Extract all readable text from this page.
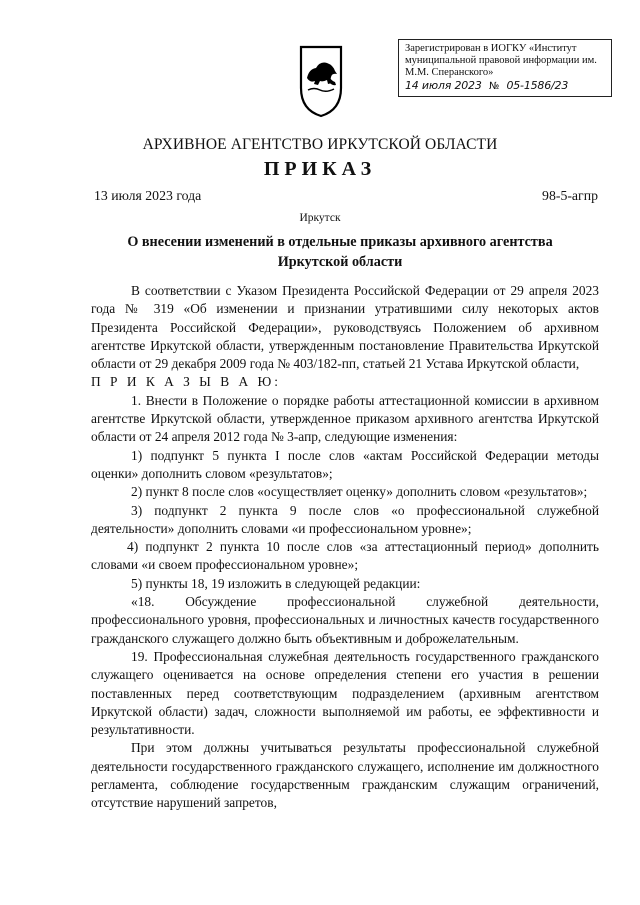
Зарегистрирован в ИОГКУ «Институт
муниципальной правовой информации им.
М.М. Сперанского»
14 июля 2023 № 05-1586/23
АРХИВНОЕ АГЕНТСТВО ИРКУТСКОЙ ОБЛАСТИ
ПРИКАЗ
13 июля 2023 года	98-5-агпр
Иркутск
О внесении изменений в отдельные приказы архивного агентства
Иркутской области

В соответствии с Указом Президента Российской Федерации от 29 апреля 2023 года № 319 «Об изменении и признании утратившими силу некоторых актов Президента Российской Федерации», руководствуясь Положением об архивном агентстве Иркутской области, утвержденным постановление Правительства Иркутской области от 29 декабря 2009 года № 403/182-пп, статьей 21 Устава Иркутской области,

П Р И К А З Ы В А Ю:

1. Внести в Положение о порядке работы аттестационной комиссии в архивном агентстве Иркутской области, утвержденное приказом архивного агентства Иркутской области от 24 апреля 2012 года № 3-апр, следующие изменения:

1) подпункт 5 пункта I после слов «актам Российской Федерации методы оценки» дополнить словом «результатов»;

2) пункт 8 после слов «осуществляет оценку» дополнить словом «результатов»;

3) подпункт 2 пункта 9 после слов «о профессиональной служебной деятельности» дополнить словами «и профессиональном уровне»;

4) подпункт 2 пункта 10 после слов «за аттестационный период» дополнить словами «и своем профессиональном уровне»;

5) пункты 18, 19 изложить в следующей редакции:

«18. Обсуждение профессиональной служебной деятельности, профессионального уровня, профессиональных и личностных качеств государственного гражданского служащего должно быть объективным и доброжелательным.

19. Профессиональная служебная деятельность государственного гражданского служащего оценивается на основе определения степени его участия в решении поставленных перед соответствующим подразделением (архивным агентством Иркутской области) задач, сложности выполняемой им работы, ее эффективности и результативности.

При этом должны учитываться результаты профессиональной служебной деятельности государственного гражданского служащего, исполнение им должностного регламента, соблюдение государственным гражданским служащим ограничений, отсутствие нарушений запретов,
